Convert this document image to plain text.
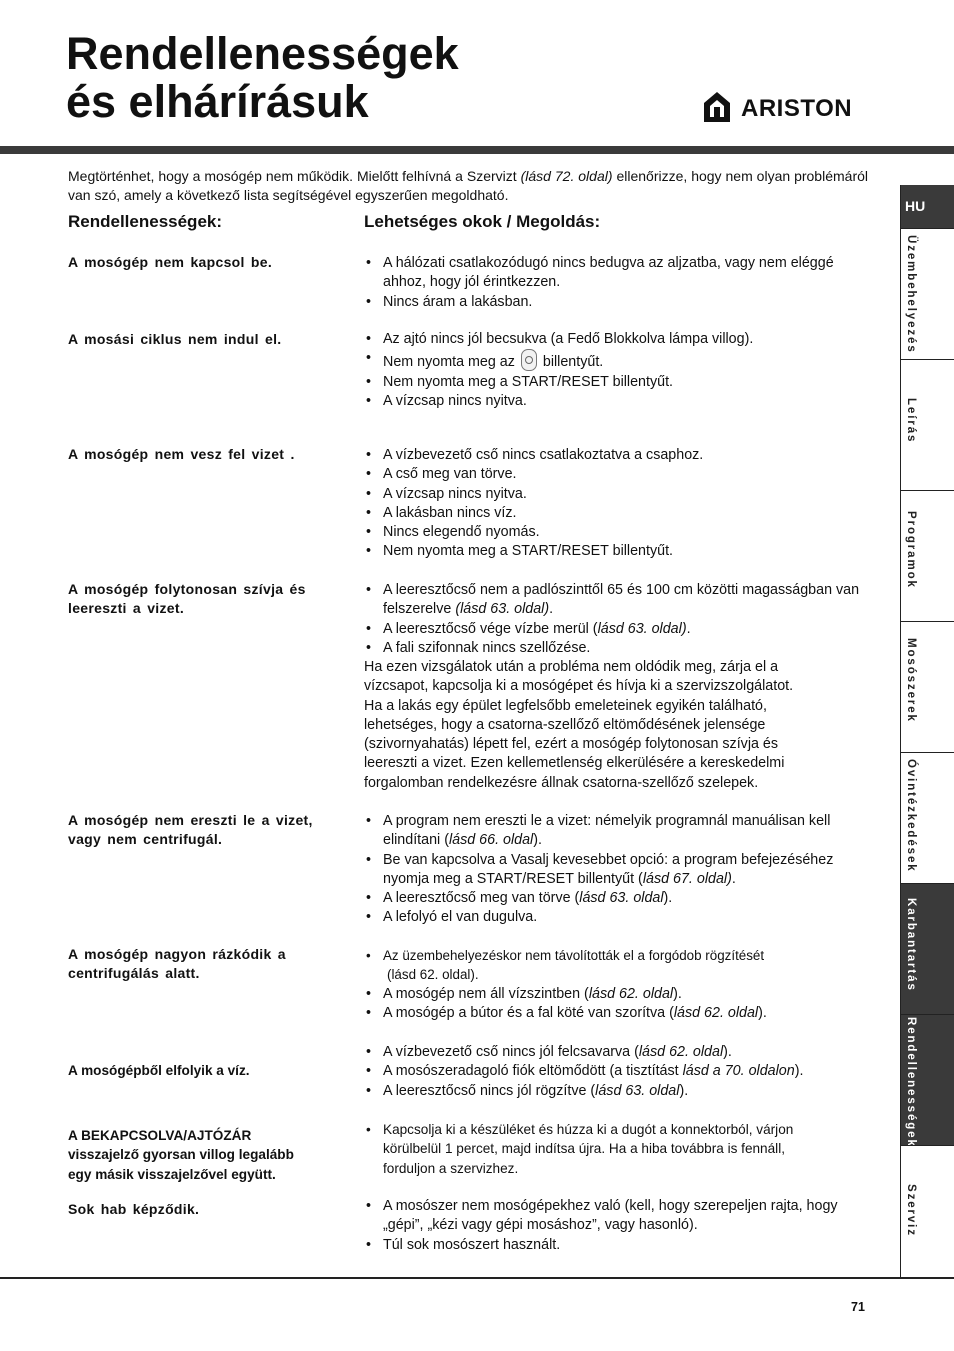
Rendellenességek
és elhárírásuk	ARISTON

Megtörténhet, hogy a mosógép nem működik. Mielőtt felhívná a Szervizt (lásd 72. oldal) ellenőrizze, hogy nem olyan problémáról van szó, amely a következő lista segítségével egyszerűen megoldható.

Rendellenességek:	Lehetséges okok / Megoldás:
A mosógép nem kapcsol be.	• A hálózati csatlakozódugó nincs bedugva az aljzatba, vagy nem eléggé ahhoz, hogy jól érintkezzen.
• Nincs áram a lakásban.
A mosási ciklus nem indul el.	• Az ajtó nincs jól becsukva (a Fedő Blokkolva lámpa villog).
• Nem nyomta meg az billentyűt.
• Nem nyomta meg a START/RESET billentyűt.
• A vízcsap nincs nyitva.
A mosógép nem vesz fel vizet .	• A vízbevezető cső nincs csatlakoztatva a csaphoz.
• A cső meg van törve.
• A vízcsap nincs nyitva.
• A lakásban nincs víz.
• Nincs elegendő nyomás.
• Nem nyomta meg a START/RESET billentyűt.
A mosógép folytonosan szívja és
leereszti a vizet.
• A leeresztőcső nem a padlószinttől 65 és 100 cm közötti magasságban van felszerelve (lásd 63. oldal).
• A leeresztőcső vége vízbe merül (lásd 63. oldal).
• A fali szifonnak nincs szellőzése.

Ha ezen vizsgálatok után a probléma nem oldódik meg, zárja el a
vízcsapot, kapcsolja ki a mosógépet és hívja ki a szervizszolgálatot.
Ha a lakás egy épület legfelsőbb emeleteinek egyikén található,
lehetséges, hogy a csatorna-szellőző eltömődésének jelensége
(szivornyahatás) lépett fel, ezért a mosógép folytonosan szívja és
leereszti a vizet. Ezen kellemetlenség elkerülésére a kereskedelmi
forgalomban rendelkezésre állnak csatorna-szellőző szelepek.

A mosógép nem ereszti le a vizet,
vagy nem centrifugál.
• A program nem ereszti le a vizet: némelyik programnál manuálisan kell elindítani (lásd 66. oldal).
• Be van kapcsolva a Vasalj kevesebbet opció: a program befejezéséhez nyomja meg a START/RESET billentyűt (lásd 67. oldal).
• A leeresztőcső meg van törve (lásd 63. oldal).
• A lefolyó el van dugulva.
A mosógép nagyon rázkódik a
centrifugálás alatt.
• Az üzembehelyezéskor nem távolították el a forgódob rögzítését
(lásd 62. oldal).
• A mosógép nem áll vízszintben (lásd 62. oldal).
• A mosógép a bútor és a fal köté van szorítva (lásd 62. oldal).
A mosógépből elfolyik a víz.
• A vízbevezető cső nincs jól felcsavarva (lásd 62. oldal).
• A mosószeradagoló fiók eltömődött (a tisztítást lásd a 70. oldalon).
• A leeresztőcső nincs jól rögzítve (lásd 63. oldal).
A BEKAPCSOLVA/AJTÓZÁR
visszajelző gyorsan villog legalább
egy másik visszajelzővel együtt.
• Kapcsolja ki a készüléket és húzza ki a dugót a konnektorból, várjon körülbelül 1 percet, majd indítsa újra. Ha a hiba továbbra is fennáll, forduljon a szervizhez.
Sok hab képződik.	• A mosószer nem mosógépekhez való (kell, hogy szerepeljen rajta, hogy „gépi”, „kézi vagy gépi mosáshoz”, vagy hasonló).
• Túl sok mosószert használt.
HU
Üzembehelyezés
Leírás
Programok
Mosószerek
Óvintézkedések
Karbantartás
Rendellenességek
Szerviz
71
